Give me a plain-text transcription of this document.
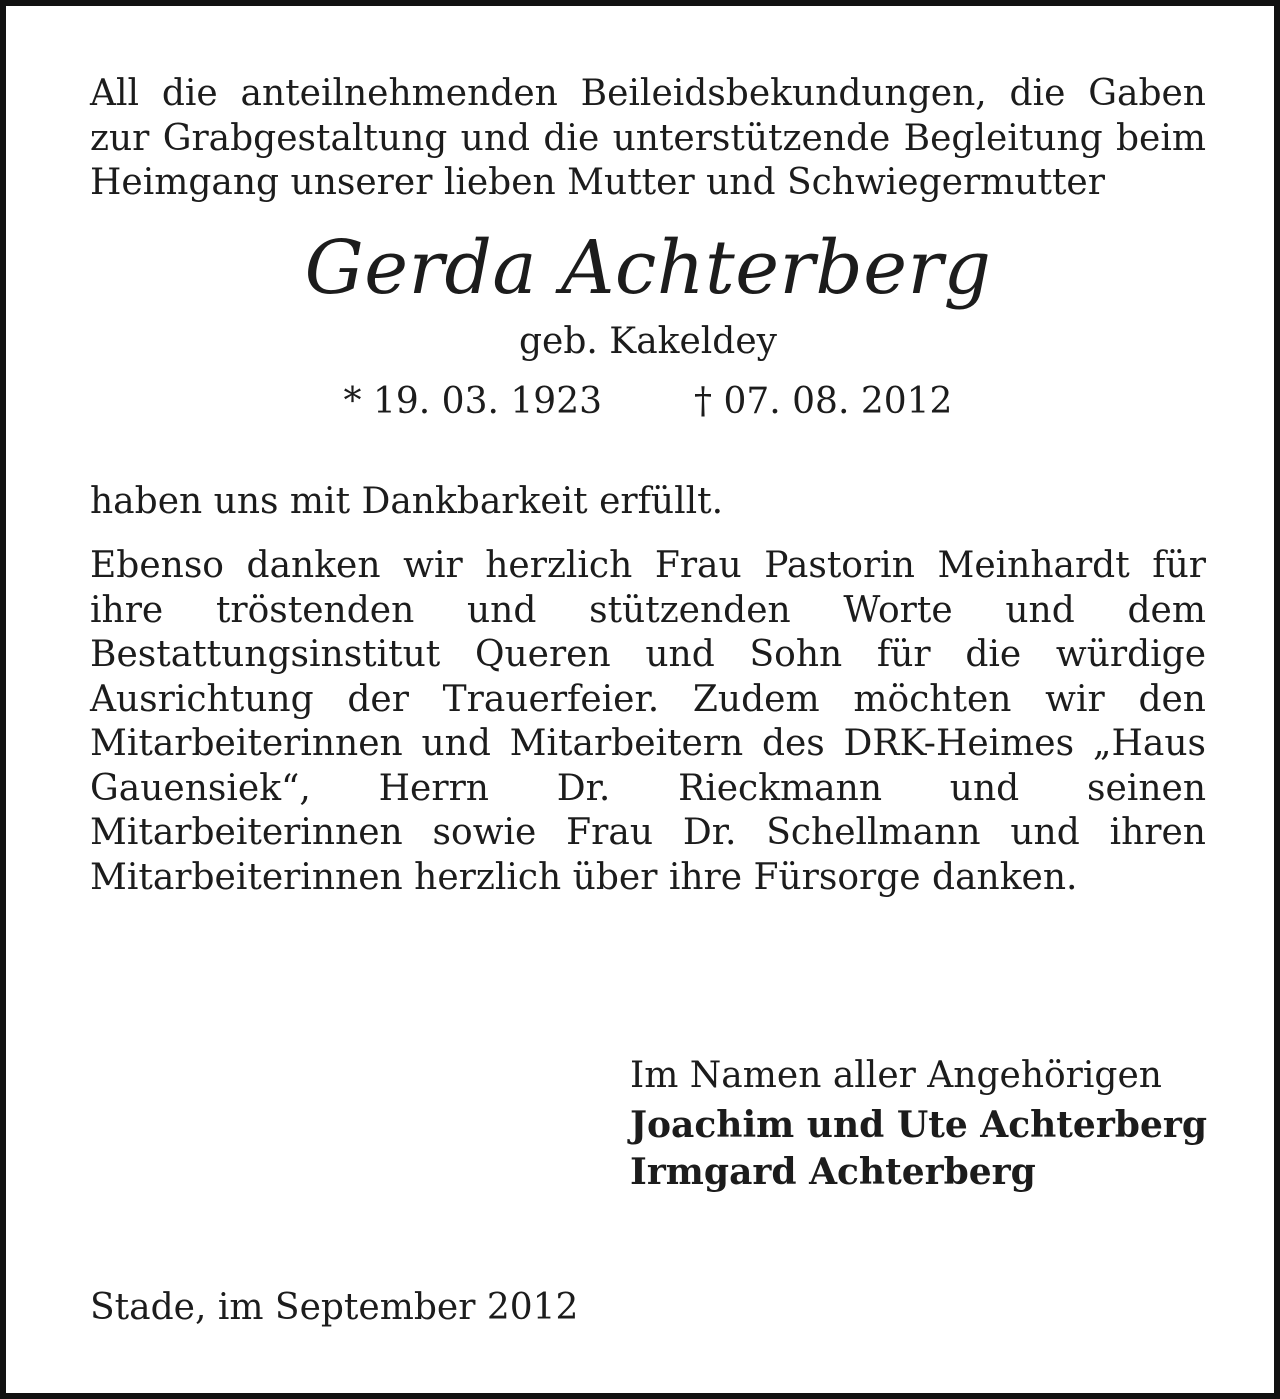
All die anteilnehmenden Beileidsbekundungen, die Gaben zur Grabgestaltung und die unterstützende Begleitung beim Heimgang unserer lieben Mutter und Schwiegermutter

Gerda Achterberg
geb. Kakeldey
* 19. 03. 1923	† 07. 08. 2012

haben uns mit Dankbarkeit erfüllt.

Ebenso danken wir herzlich Frau Pastorin Meinhardt für ihre tröstenden und stützenden Worte und dem Bestattungsinstitut Queren und Sohn für die würdige Ausrichtung der Trauerfeier. Zudem möchten wir den Mitarbeiterinnen und Mitarbeitern des DRK-Heimes „Haus Gauensiek“, Herrn Dr. Rieckmann und seinen Mitarbeiterinnen sowie Frau Dr. Schellmann und ihren Mitarbeiterinnen herzlich über ihre Fürsorge danken.

Im Namen aller Angehörigen
Joachim und Ute Achterberg
Irmgard Achterberg
Stade, im September 2012
